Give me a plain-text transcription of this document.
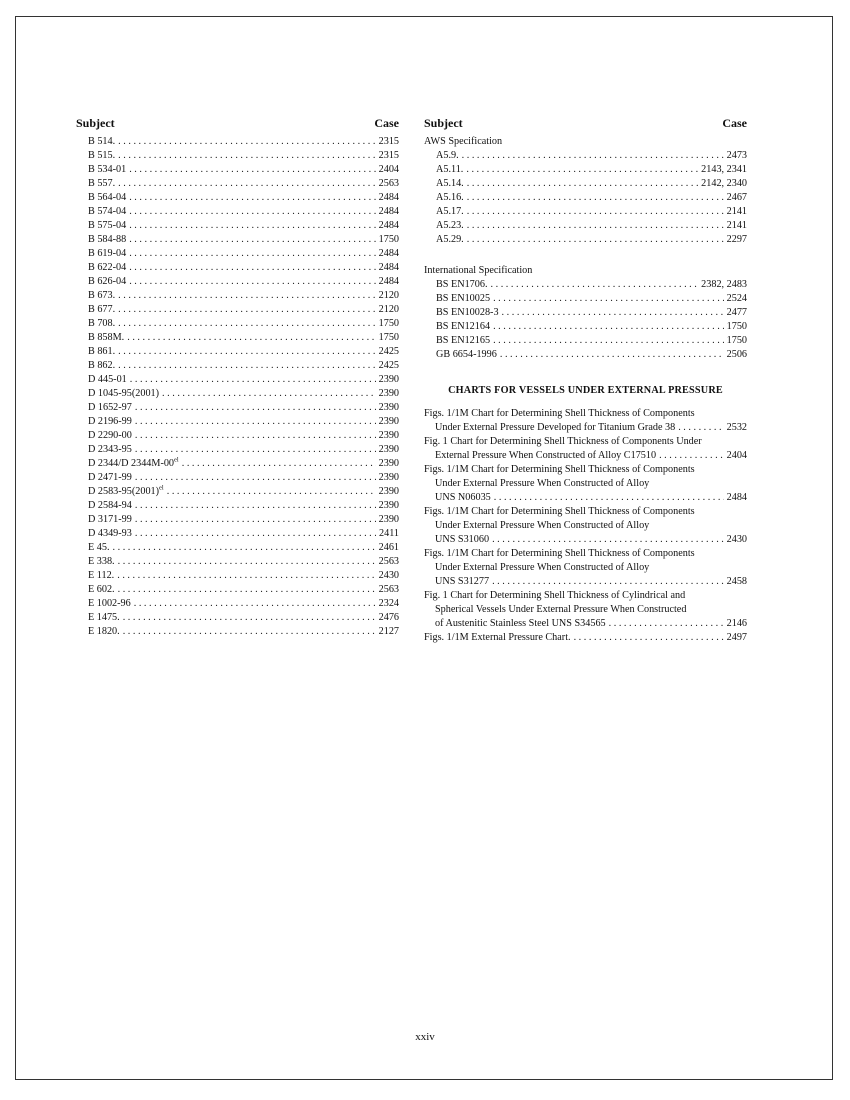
Subject	Case
B 514. . . .	2315
B 515. . . .	2315
B 534-01 . . .	2404
B 557. . . .	2563
B 564-04 . . .	2484
B 574-04 . . .	2484
B 575-04 . . .	2484
B 584-88 . . .	1750
B 619-04 . . .	2484
B 622-04 . . .	2484
B 626-04 . . .	2484
B 673. . . .	2120
B 677. . . .	2120
B 708. . . .	1750
B 858M. . . .	1750
B 861. . . .	2425
B 862. . . .	2425
D 445-01 . . .	2390
D 1045-95(2001) . . .	2390
D 1652-97 . . .	2390
D 2196-99 . . .	2390
D 2290-00 . . .	2390
D 2343-95 . . .	2390
D 2344/D $2344M-00^{el}$ . . .	2390
D 2471-99 . . .	2390
D $2583-95(2001)^{el}$ . . .	2390
D 2584-94 . . .	2390
D 3171-99 . . .	2390
D 4349-93 . . .	2411
E 45. . . .	2461
E 338. . . .	2563
E 112. . . .	2430
E 602. . . .	2563
E 1002-96 . . .	2324
E 1475. . . .	2476
E 1820. . . .	2127
Subject	Case
AWS Specification
A5.9. . . .	2473
A5.11. . . .	2143, 2341
A5.14. . . .	2142, 2340
A5.16. . . .	2467
A5.17. . . .	2141
A5.23. . . .	2141
A5.29. . . .	2297
International Specification
BS EN1706. . . .	2382, 2483
BS EN10025 . . .	2524
BS EN10028-3 . . .	2477
BS EN12164 . . .	1750
BS EN12165 . . .	1750
GB 6654-1996 . . .	2506
CHARTS FOR VESSELS UNDER EXTERNAL PRESSURE
Figs. 1/1M Chart for Determining Shell Thickness of Components
Under External Pressure Developed for Titanium Grade 38 . . .	2532
Fig. 1 Chart for Determining Shell Thickness of Components Under
External Pressure When Constructed of Alloy C17510 . . .	2404
Figs. 1/1M Chart for Determining Shell Thickness of Components
Under External Pressure When Constructed of Alloy
UNS N06035 . . .	2484
Figs. 1/1M Chart for Determining Shell Thickness of Components
Under External Pressure When Constructed of Alloy
UNS S31060 . . .	2430
Figs. 1/1M Chart for Determining Shell Thickness of Components
Under External Pressure When Constructed of Alloy
UNS S31277 . . .	2458
Fig. 1 Chart for Determining Shell Thickness of Cylindrical and
Spherical Vessels Under External Pressure When Constructed
of Austenitic Stainless Steel UNS S34565 . . .	2146
Figs. 1/1M External Pressure Chart. . . .	2497
xxiv
